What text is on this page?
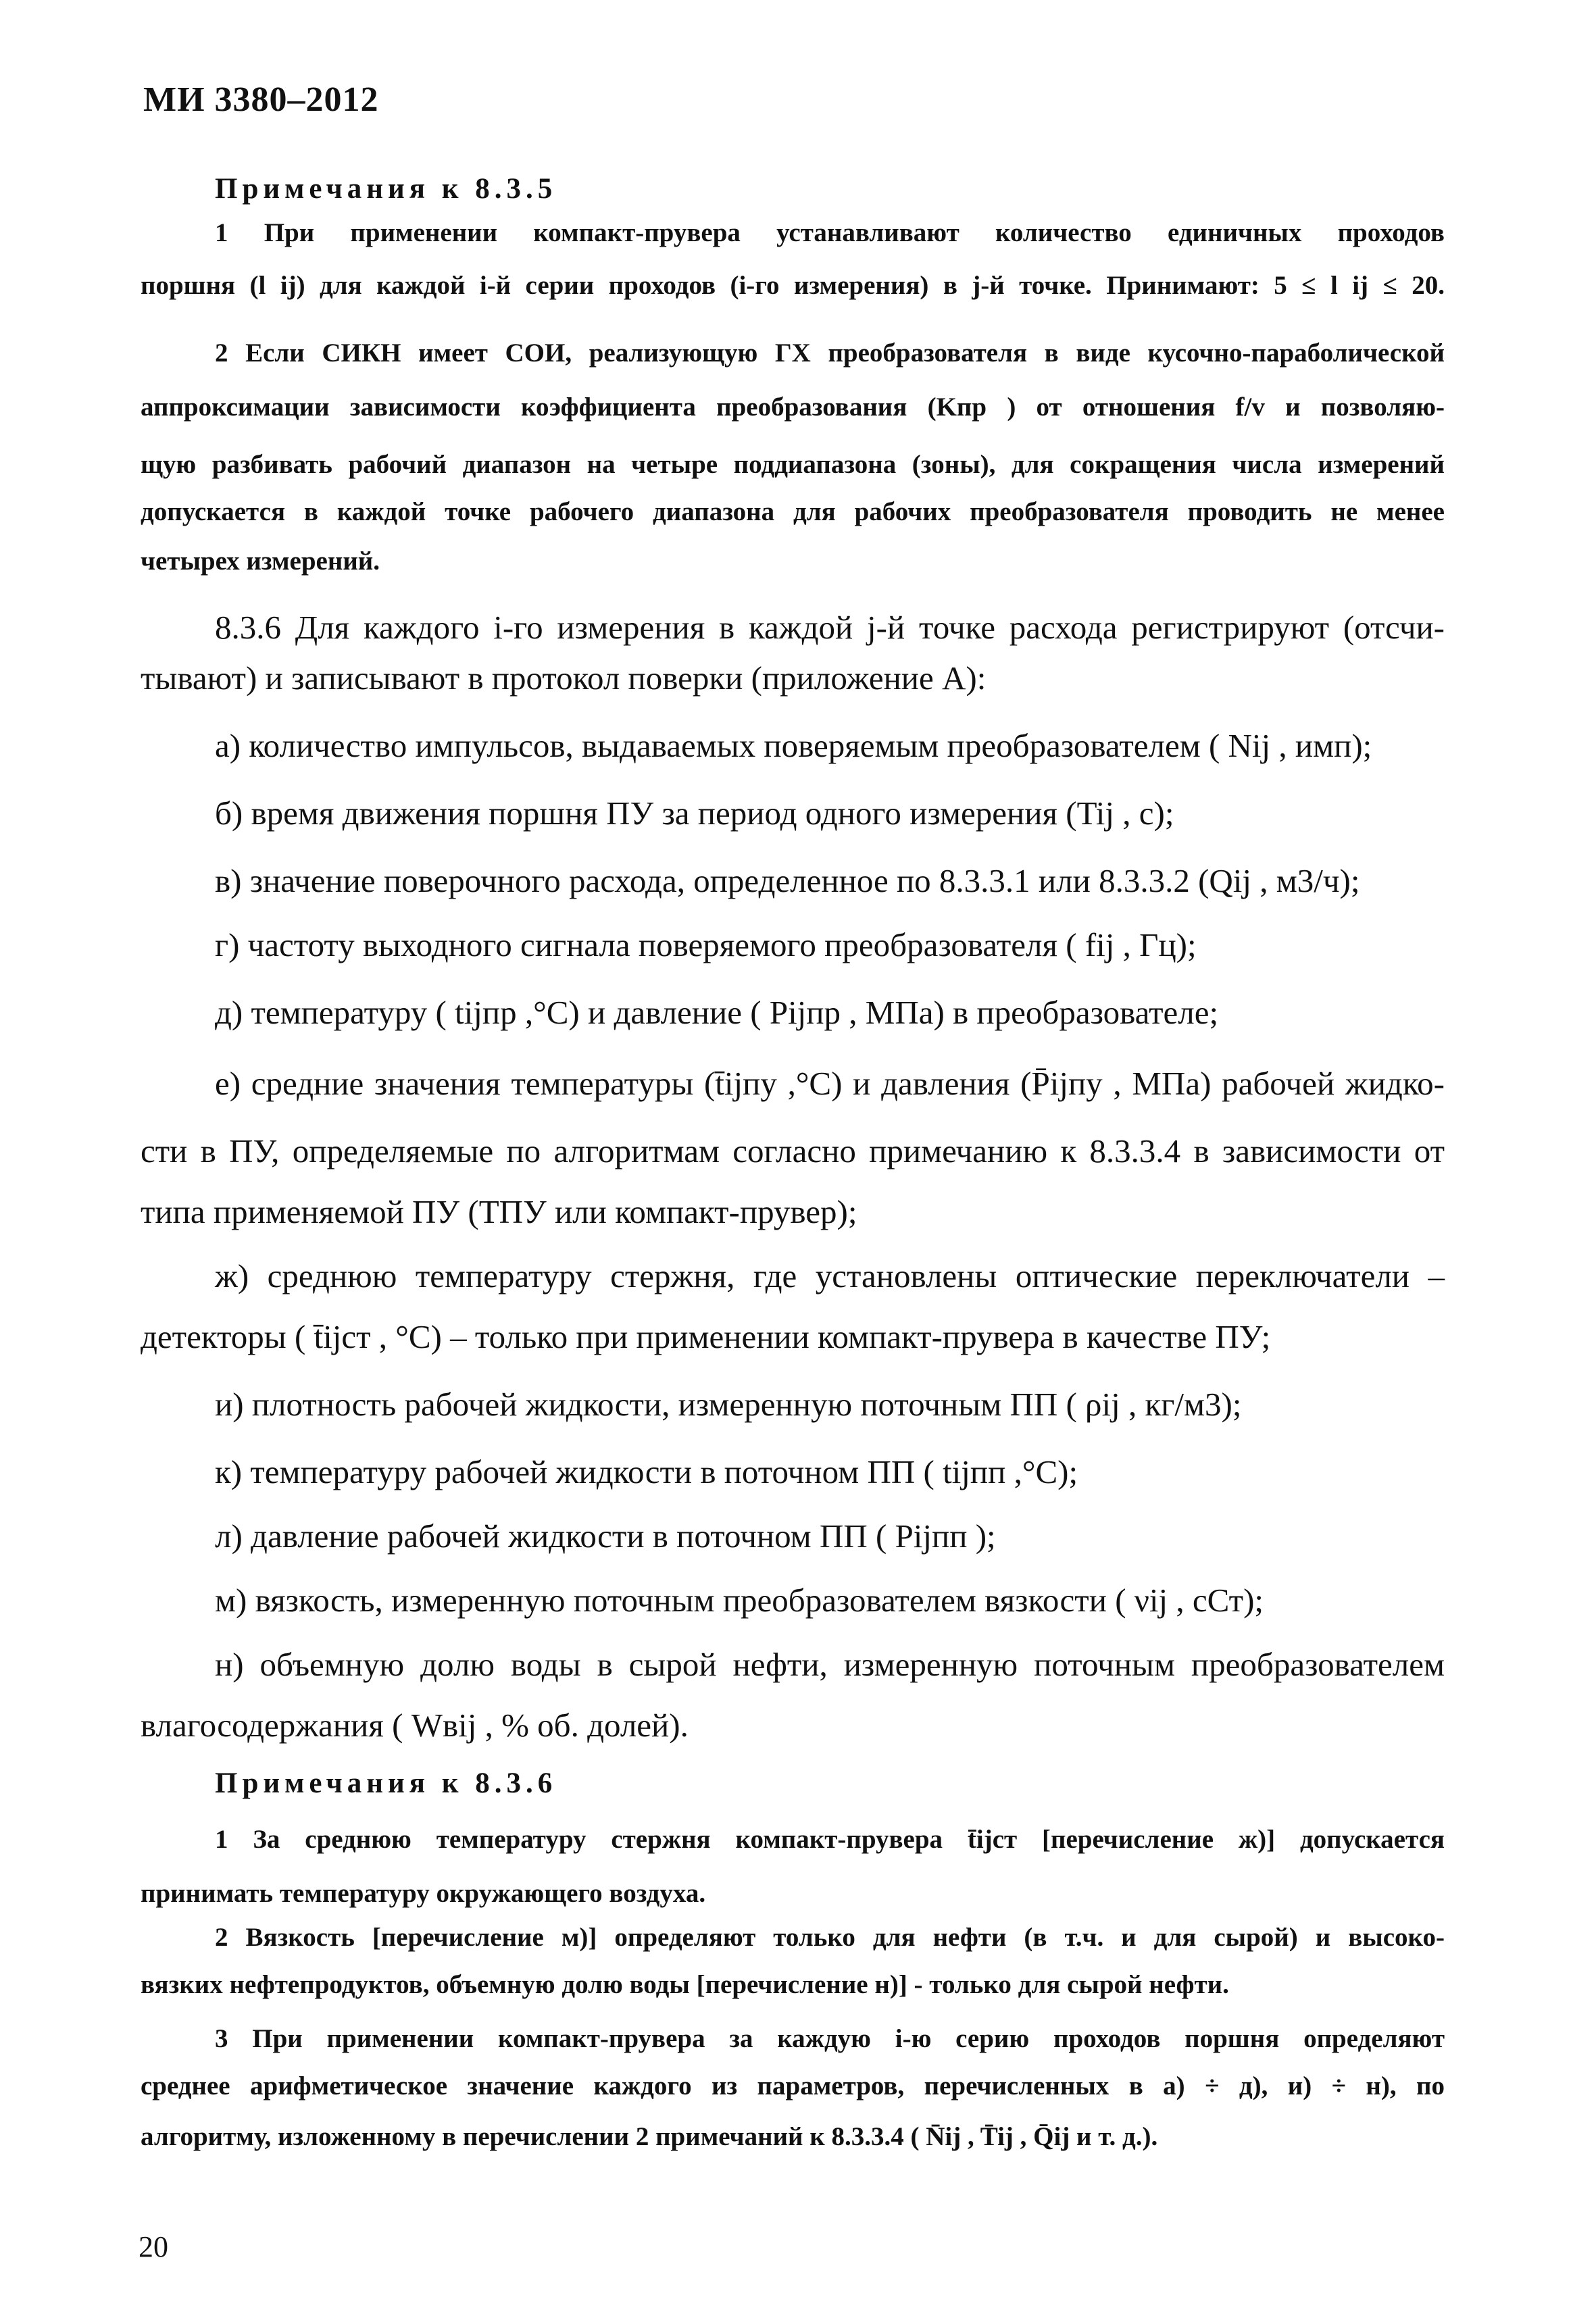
МИ 3380–2012
Примечания к 8.3.5
1 При применении компакт-прувера устанавливают количество единичных проходов
поршня (l ij) для каждой i-й серии проходов (i-го измерения) в j-й точке. Принимают: 5 ≤ l ij ≤ 20.
2 Если СИКН имеет СОИ, реализующую ГХ преобразователя в виде кусочно-параболической
аппроксимации зависимости коэффициента преобразования (Kпр ) от отношения f/v и позволяю-
щую разбивать рабочий диапазон на четыре поддиапазона (зоны), для сокращения числа измерений
допускается в каждой точке рабочего диапазона для рабочих преобразователя проводить не менее
четырех измерений.
8.3.6 Для каждого i-го измерения в каждой j-й точке расхода регистрируют (отсчи-
тывают) и записывают в протокол поверки (приложение А):
а) количество импульсов, выдаваемых поверяемым преобразователем ( Nij , имп);
б) время движения поршня ПУ за период одного измерения (Tij , с);
в) значение поверочного расхода, определенное по 8.3.3.1 или 8.3.3.2 (Qij , м3/ч);
г) частоту выходного сигнала поверяемого преобразователя ( fij , Гц);
д) температуру ( tijпр ,°С) и давление ( Pijпр , МПа) в преобразователе;
е) средние значения температуры (t̄ijпу ,°С) и давления (P̄ijпу , МПа) рабочей жидко-
сти в ПУ, определяемые по алгоритмам согласно примечанию к 8.3.3.4 в зависимости от
типа применяемой ПУ (ТПУ или компакт-прувер);
ж) среднюю температуру стержня, где установлены оптические переключатели –
детекторы ( t̄ijст , °С) – только при применении компакт-прувера в качестве ПУ;
и) плотность рабочей жидкости, измеренную поточным ПП ( ρij , кг/м3);
к) температуру рабочей жидкости в поточном ПП ( tijпп ,°С);
л) давление рабочей жидкости в поточном ПП ( Pijпп );
м) вязкость, измеренную поточным преобразователем вязкости ( νij , сСт);
н) объемную долю воды в сырой нефти, измеренную поточным преобразователем
влагосодержания ( Wвij , % об. долей).
Примечания к 8.3.6
1 За среднюю температуру стержня компакт-прувера t̄ijст [перечисление ж)] допускается
принимать температуру окружающего воздуха.
2 Вязкость [перечисление м)] определяют только для нефти (в т.ч. и для сырой) и высоко-
вязких нефтепродуктов, объемную долю воды [перечисление н)] - только для сырой нефти.
3 При применении компакт-прувера за каждую i-ю серию проходов поршня определяют
среднее арифметическое значение каждого из параметров, перечисленных в а) ÷ д), и) ÷ н), по
алгоритму, изложенному в перечислении 2 примечаний к 8.3.3.4 ( N̄ij , T̄ij , Q̄ij и т. д.).
20
